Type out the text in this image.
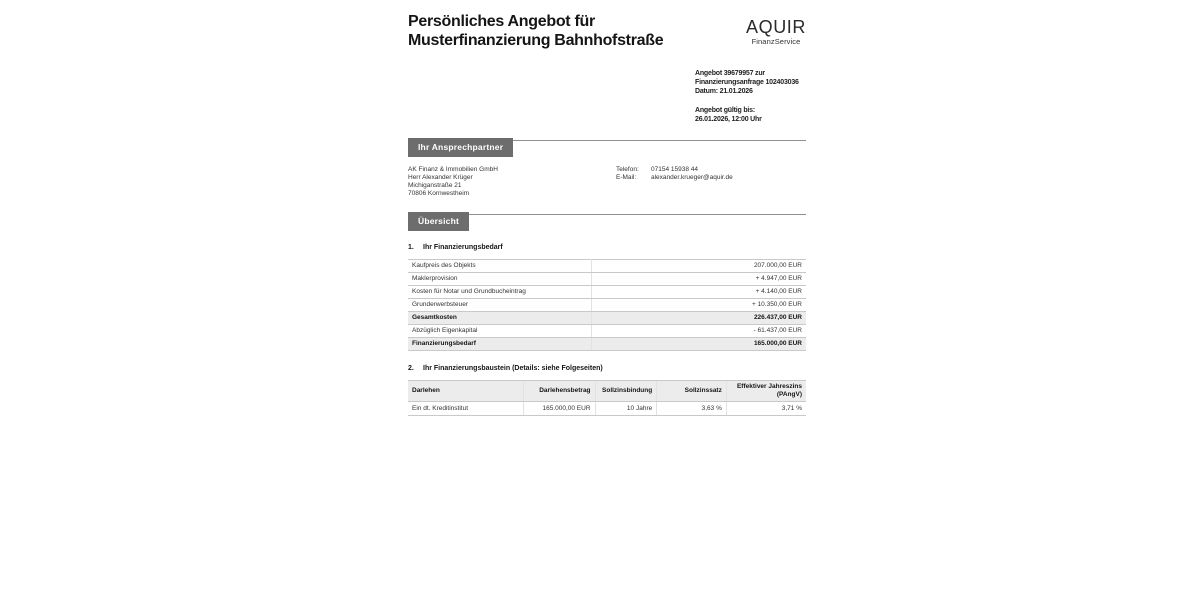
Persönliches Angebot für Musterfinanzierung Bahnhofstraße
AQUIR
FinanzService
Angebot 39679957 zur
Finanzierungsanfrage 102403036
Datum: 21.01.2026
Angebot gültig bis:
26.01.2026, 12:00 Uhr
Ihr Ansprechpartner
AK Finanz & Immobilien GmbH
Herr Alexander Krüger
Michiganstraße 21
70806 Kornwestheim
Telefon:	07154 15938 44
E-Mail:	alexander.krueger@aquir.de
Übersicht
1.	Ihr Finanzierungsbedarf
Kaufpreis des Objekts	207.000,00 EUR
Maklerprovision	+ 4.947,00 EUR
Kosten für Notar und Grundbucheintrag	+ 4.140,00 EUR
Grunderwerbsteuer	+ 10.350,00 EUR
Gesamtkosten	226.437,00 EUR
Abzüglich Eigenkapital	- 61.437,00 EUR
Finanzierungsbedarf	165.000,00 EUR
2.	Ihr Finanzierungsbaustein (Details: siehe Folgeseiten)
Darlehen	Darlehensbetrag	Sollzinsbindung	Sollzinssatz	Effektiver Jahreszins (PAngV)
Ein dt. Kreditinstitut	165.000,00 EUR	10 Jahre	3,63 %	3,71 %
